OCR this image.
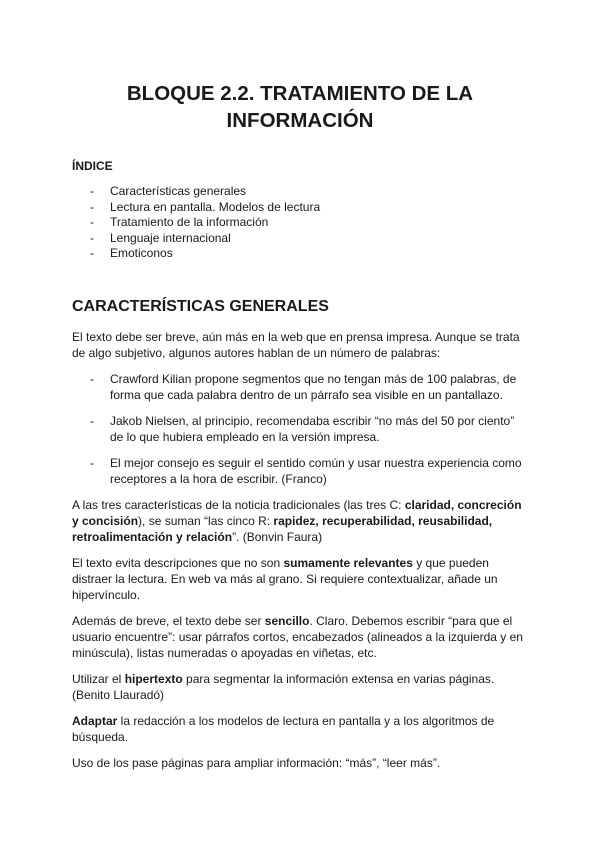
BLOQUE 2.2. TRATAMIENTO DE LA
INFORMACIÓN
ÍNDICE
- Características generales
- Lectura en pantalla. Modelos de lectura
- Tratamiento de la información
- Lenguaje internacional
- Emoticonos
CARACTERÍSTICAS GENERALES

El texto debe ser breve, aún más en la web que en prensa impresa. Aunque se trata de algo subjetivo, algunos autores hablan de un número de palabras:

- Crawford Kilian propone segmentos que no tengan más de 100 palabras, de forma que cada palabra dentro de un párrafo sea visible en un pantallazo.
- Jakob Nielsen, al principio, recomendaba escribir “no más del 50 por ciento” de lo que hubiera empleado en la versión impresa.
- El mejor consejo es seguir el sentido común y usar nuestra experiencia como receptores a la hora de escribir. (Franco)

A las tres características de la noticia tradicionales (las tres C: claridad, concreción y concisión), se suman “las cinco R: rapidez, recuperabilidad, reusabilidad, retroalimentación y relación”. (Bonvin Faura)

El texto evita descripciones que no son sumamente relevantes y que pueden distraer la lectura. En web va más al grano. Si requiere contextualizar, añade un hipervínculo.

Además de breve, el texto debe ser sencillo. Claro. Debemos escribir “para que el usuario encuentre”: usar párrafos cortos, encabezados (alineados a la izquierda y en minúscula), listas numeradas o apoyadas en viñetas, etc.

Utilizar el hipertexto para segmentar la información extensa en varias páginas. (Benito Llauradó)

Adaptar la redacción a los modelos de lectura en pantalla y a los algoritmos de búsqueda.

Uso de los pase páginas para ampliar información: “más”, “leer más”.
